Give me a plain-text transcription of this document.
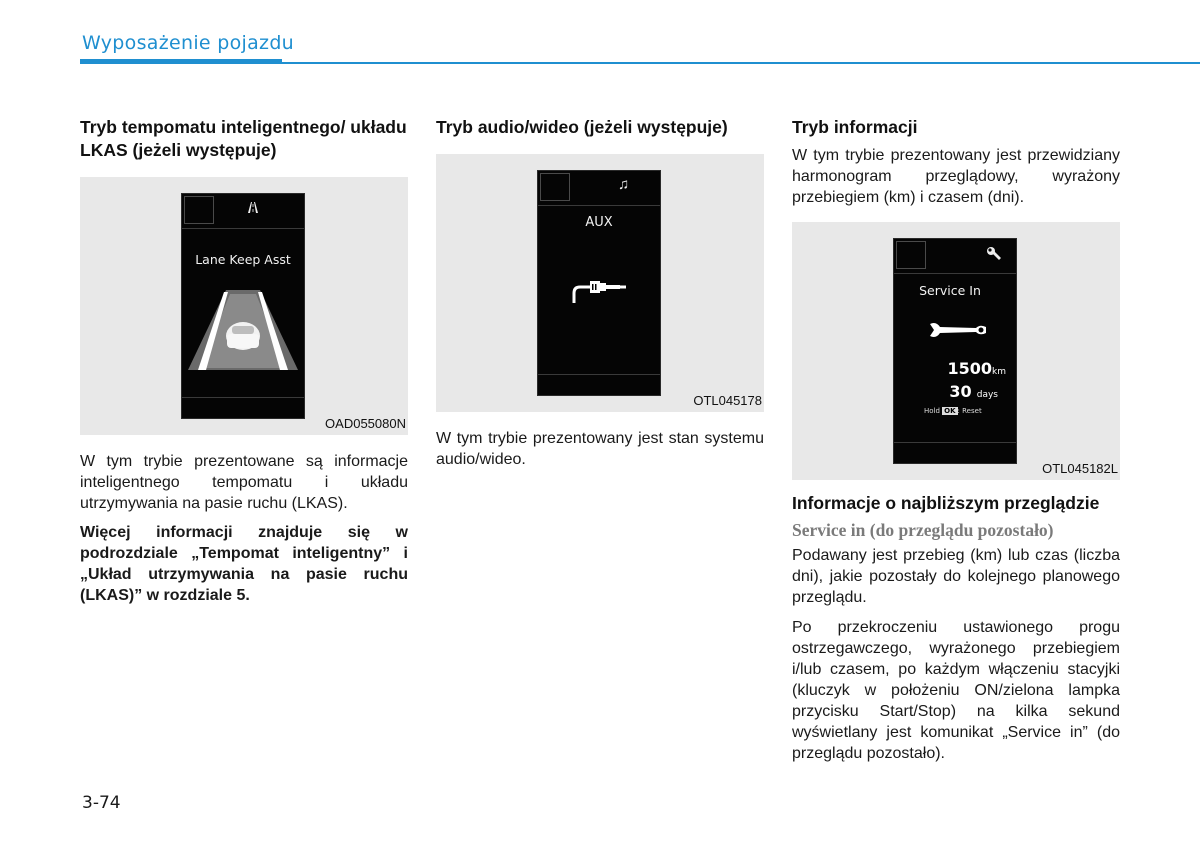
Wyposażenie pojazdu
Tryb tempomatu inteligentnego/ układu LKAS (jeżeli występuje)
Lane Keep Asst
OAD055080N

W tym trybie prezentowane są informacje inteligentnego tempomatu i układu utrzymywania na pasie ruchu (LKAS).

Więcej informacji znajduje się w podrozdziale „Tempomat inteligentny” i „Układ utrzymywania na pasie ruchu (LKAS)” w rozdziale 5.

Tryb audio/wideo (jeżeli występuje)
♫
AUX
OTL045178

W tym trybie prezentowany jest stan systemu audio/wideo.

Tryb informacji

W tym trybie prezentowany jest przewidziany harmonogram przeglądowy, wyrażony przebiegiem (km) i czasem (dni).

Service In
1500km
30 days
Hold OK : Reset
OTL045182L
Informacje o najbliższym przeglądzie
Service in (do przeglądu pozostało)

Podawany jest przebieg (km) lub czas (liczba dni), jakie pozostały do kolejnego planowego przeglądu.

Po przekroczeniu ustawionego progu ostrzegawczego, wyrażonego przebiegiem i/lub czasem, po każdym włączeniu stacyjki (kluczyk w położeniu ON/zielona lampka przycisku Start/Stop) na kilka sekund wyświetlany jest komunikat „Service in” (do przeglądu pozostało).

3-74
